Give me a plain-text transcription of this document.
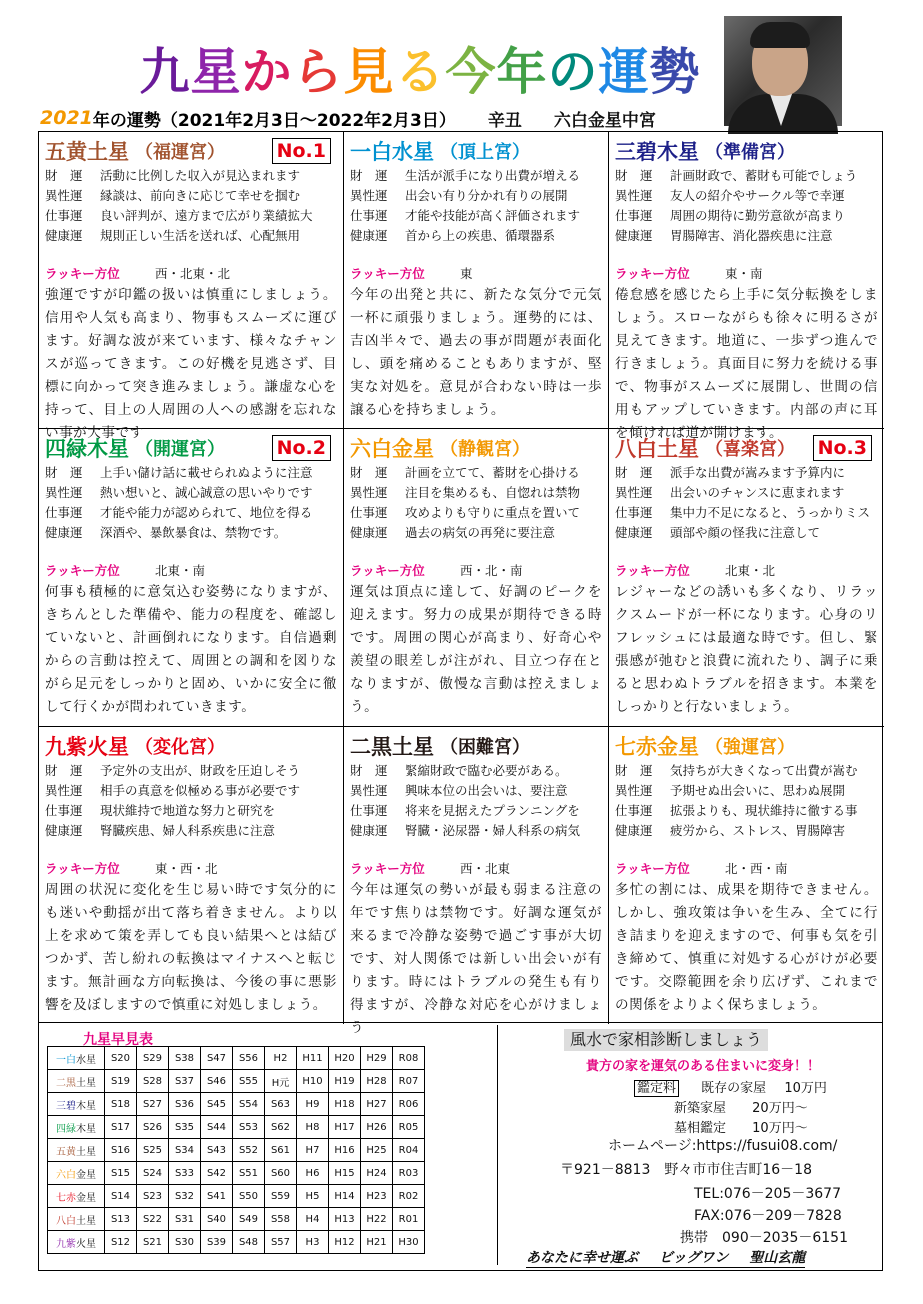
九 星 か ら 見 る 今 年 の 運 勢
2021 年の運勢（2021年2月3日～2022年2月3日） 辛丑 六白金星中宮
五黄土星 （福運宮）	No.1
財　運 活動に比例した収入が見込まれます
異性運 縁談は、前向きに応じて幸せを掴む
仕事運 良い評判が、遠方まで広がり業績拡大
健康運 規則正しい生活を送れば、心配無用
ラッキー方位	西・北東・北
強運ですが印鑑の扱いは慎重にしましょう。信用や人気も高まり、物事もスムーズに運びます。好調な波が来ています、様々なチャンスが巡ってきます。この好機を見逃さず、目標に向かって突き進みましょう。謙虚な心を持って、目上の人周囲の人への感謝を忘れない事が大事です
一白水星 （頂上宮）
財　運 生活が派手になり出費が増える
異性運 出会い有り分かれ有りの展開
仕事運 才能や技能が高く評価されます
健康運 首から上の疾患、循環器系
ラッキー方位	東
今年の出発と共に、新たな気分で元気一杯に頑張りましょう。運勢的には、吉凶半々で、過去の事が問題が表面化し、頭を痛めることもありますが、堅実な対処を。意見が合わない時は一歩譲る心を持ちましょう。
三碧木星 （準備宮）
財　運 計画財政で、蓄財も可能でしょう
異性運 友人の紹介やサークル等で幸運
仕事運 周囲の期待に勤労意欲が高まり
健康運 胃腸障害、消化器疾患に注意
ラッキー方位	東・南
倦怠感を感じたら上手に気分転換をしましょう。スローながらも徐々に明るさが見えてきます。地道に、一歩ずつ進んで行きましょう。真面目に努力を続ける事で、物事がスムーズに展開し、世間の信用もアップしていきます。内部の声に耳を傾ければ道が開けます。
四緑木星 （開運宮）	No.2
財　運 上手い儲け話に載せられぬように注意
異性運 熱い想いと、誠心誠意の思いやりです
仕事運 才能や能力が認められて、地位を得る
健康運 深酒や、暴飲暴食は、禁物です。
ラッキー方位	北東・南
何事も積極的に意気込む姿勢になりますが、きちんとした準備や、能力の程度を、確認していないと、計画倒れになります。自信過剰からの言動は控えて、周囲との調和を図りながら足元をしっかりと固め、いかに安全に徹して行くかが問われていきます。
六白金星 （静観宮）
財　運 計画を立てて、蓄財を心掛ける
異性運 注目を集めるも、自惚れは禁物
仕事運 攻めよりも守りに重点を置いて
健康運 過去の病気の再発に要注意
ラッキー方位	西・北・南
運気は頂点に達して、好調のピークを迎えます。努力の成果が期待できる時です。周囲の関心が高まり、好奇心や羨望の眼差しが注がれ、目立つ存在となりますが、傲慢な言動は控えましょう。
八白土星 （喜楽宮） No.3
財　運 派手な出費が嵩みます予算内に
異性運 出会いのチャンスに恵まれます
仕事運 集中力不足になると、うっかりミス
健康運 頭部や顔の怪我に注意して
ラッキー方位	北東・北
レジャーなどの誘いも多くなり、リラックスムードが一杯になります。心身のリフレッシュには最適な時です。但し、緊張感が弛むと浪費に流れたり、調子に乗ると思わぬトラブルを招きます。本業をしっかりと行ないましょう。
九紫火星 （変化宮）
財　運 予定外の支出が、財政を圧迫しそう
異性運 相手の真意を似極める事が必要です
仕事運 現状維持で地道な努力と研究を
健康運 腎臓疾患、婦人科系疾患に注意
ラッキー方位	東・西・北
周囲の状況に変化を生じ易い時です気分的にも迷いや動揺が出て落ち着きません。より以上を求めて策を弄しても良い結果へとは結びつかず、苦し紛れの転換はマイナスへと転じます。無計画な方向転換は、今後の事に悪影響を及ぼしますので慎重に対処しましょう。
二黒土星 （困難宮）
財　運 緊縮財政で臨む必要がある。
異性運 興味本位の出会いは、要注意
仕事運 将来を見据えたプランニングを
健康運 腎臓・泌尿器・婦人科系の病気
ラッキー方位	西・北東
今年は運気の勢いが最も弱まる注意の年です焦りは禁物です。好調な運気が来るまで冷静な姿勢で過ごす事が大切です、対人関係では新しい出会いが有ります。時にはトラブルの発生も有り得ますが、冷静な対応を心がけましょう
七赤金星 （強運宮）
財　運 気持ちが大きくなって出費が嵩む
異性運 予期せぬ出会いに、思わぬ展開
仕事運 拡張よりも、現状維持に徹する事
健康運 疲労から、ストレス、胃腸障害
ラッキー方位	北・西・南
多忙の割には、成果を期待できません。しかし、強攻策は争いを生み、全てに行き詰まりを迎えますので、何事も気を引き締めて、慎重に対処する心がけが必要です。交際範囲を余り広げず、これまでの関係をよりよく保ちましょう。
九星早見表
一白水星	S20	S29	S38	S47	S56	H2	H11	H20	H29	R08
二黒土星	S19	S28	S37	S46	S55	H元	H10	H19	H28	R07
三碧木星	S18	S27	S36	S45	S54	S63	H9	H18	H27	R06
四緑木星	S17	S26	S35	S44	S53	S62	H8	H17	H26	R05
五黄土星	S16	S25	S34	S43	S52	S61	H7	H16	H25	R04
六白金星	S15	S24	S33	S42	S51	S60	H6	H15	H24	R03
七赤金星	S14	S23	S32	S41	S50	S59	H5	H14	H23	R02
八白土星	S13	S22	S31	S40	S49	S58	H4	H13	H22	R01
九紫火星	S12	S21	S30	S39	S48	S57	H3	H12	H21	H30
風水で家相診断しましょう
貴方の家を運気のある住まいに変身！！
鑑定料 既存の家屋 10万円
新築家屋 20万円～
墓相鑑定 10万円～
ホームページ:https://fusui08.com/
〒921－8813　野々市市住吉町16－18
TEL:076－205－3677
FAX:076－209－7828
携帯　090－2035－6151
あなたに幸せ運ぶ ビッグワン 聖山玄龍
